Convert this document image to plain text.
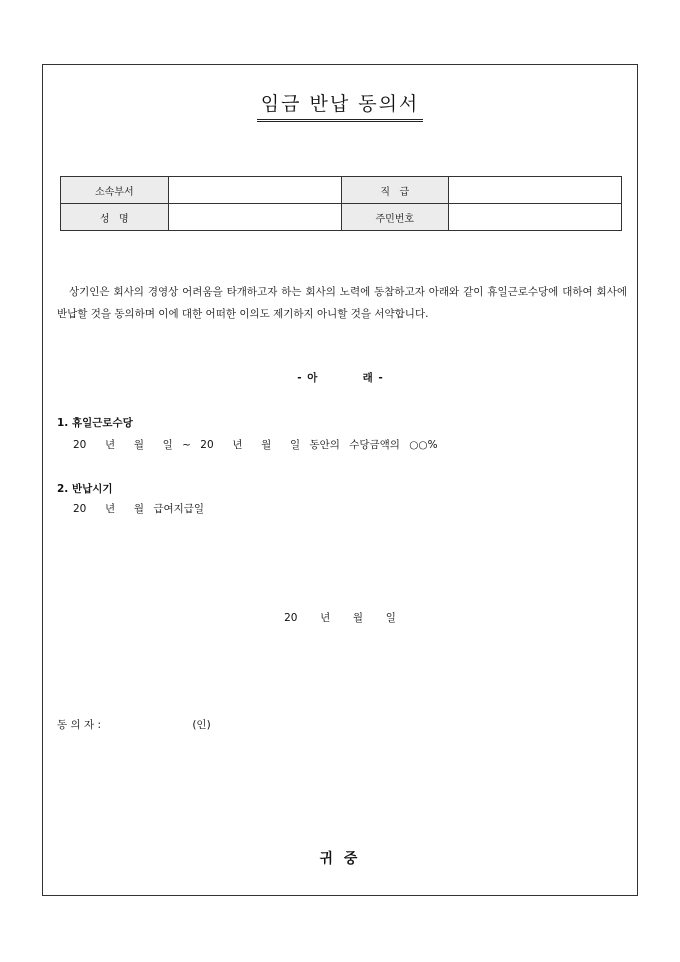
임금 반납 동의서
소속부서		직   급	
성   명		주민번호	
상기인은 회사의 경영상 어려움을 타개하고자 하는 회사의 노력에 동참하고자 아래와 같이 휴일근로수당에 대하여 회사에 반납할 것을 동의하며 이에 대한 어떠한 이의도 제기하지 아니할 것을 서약합니다.
- 아        래 -
1. 휴일근로수당
20  년  월  일 ~ 20  년  월  일 동안의 수당금액의 ○○%
2. 반납시기
20  년  월 급여지급일
20  년  월  일
동 의 자 :	(인)
귀 중
